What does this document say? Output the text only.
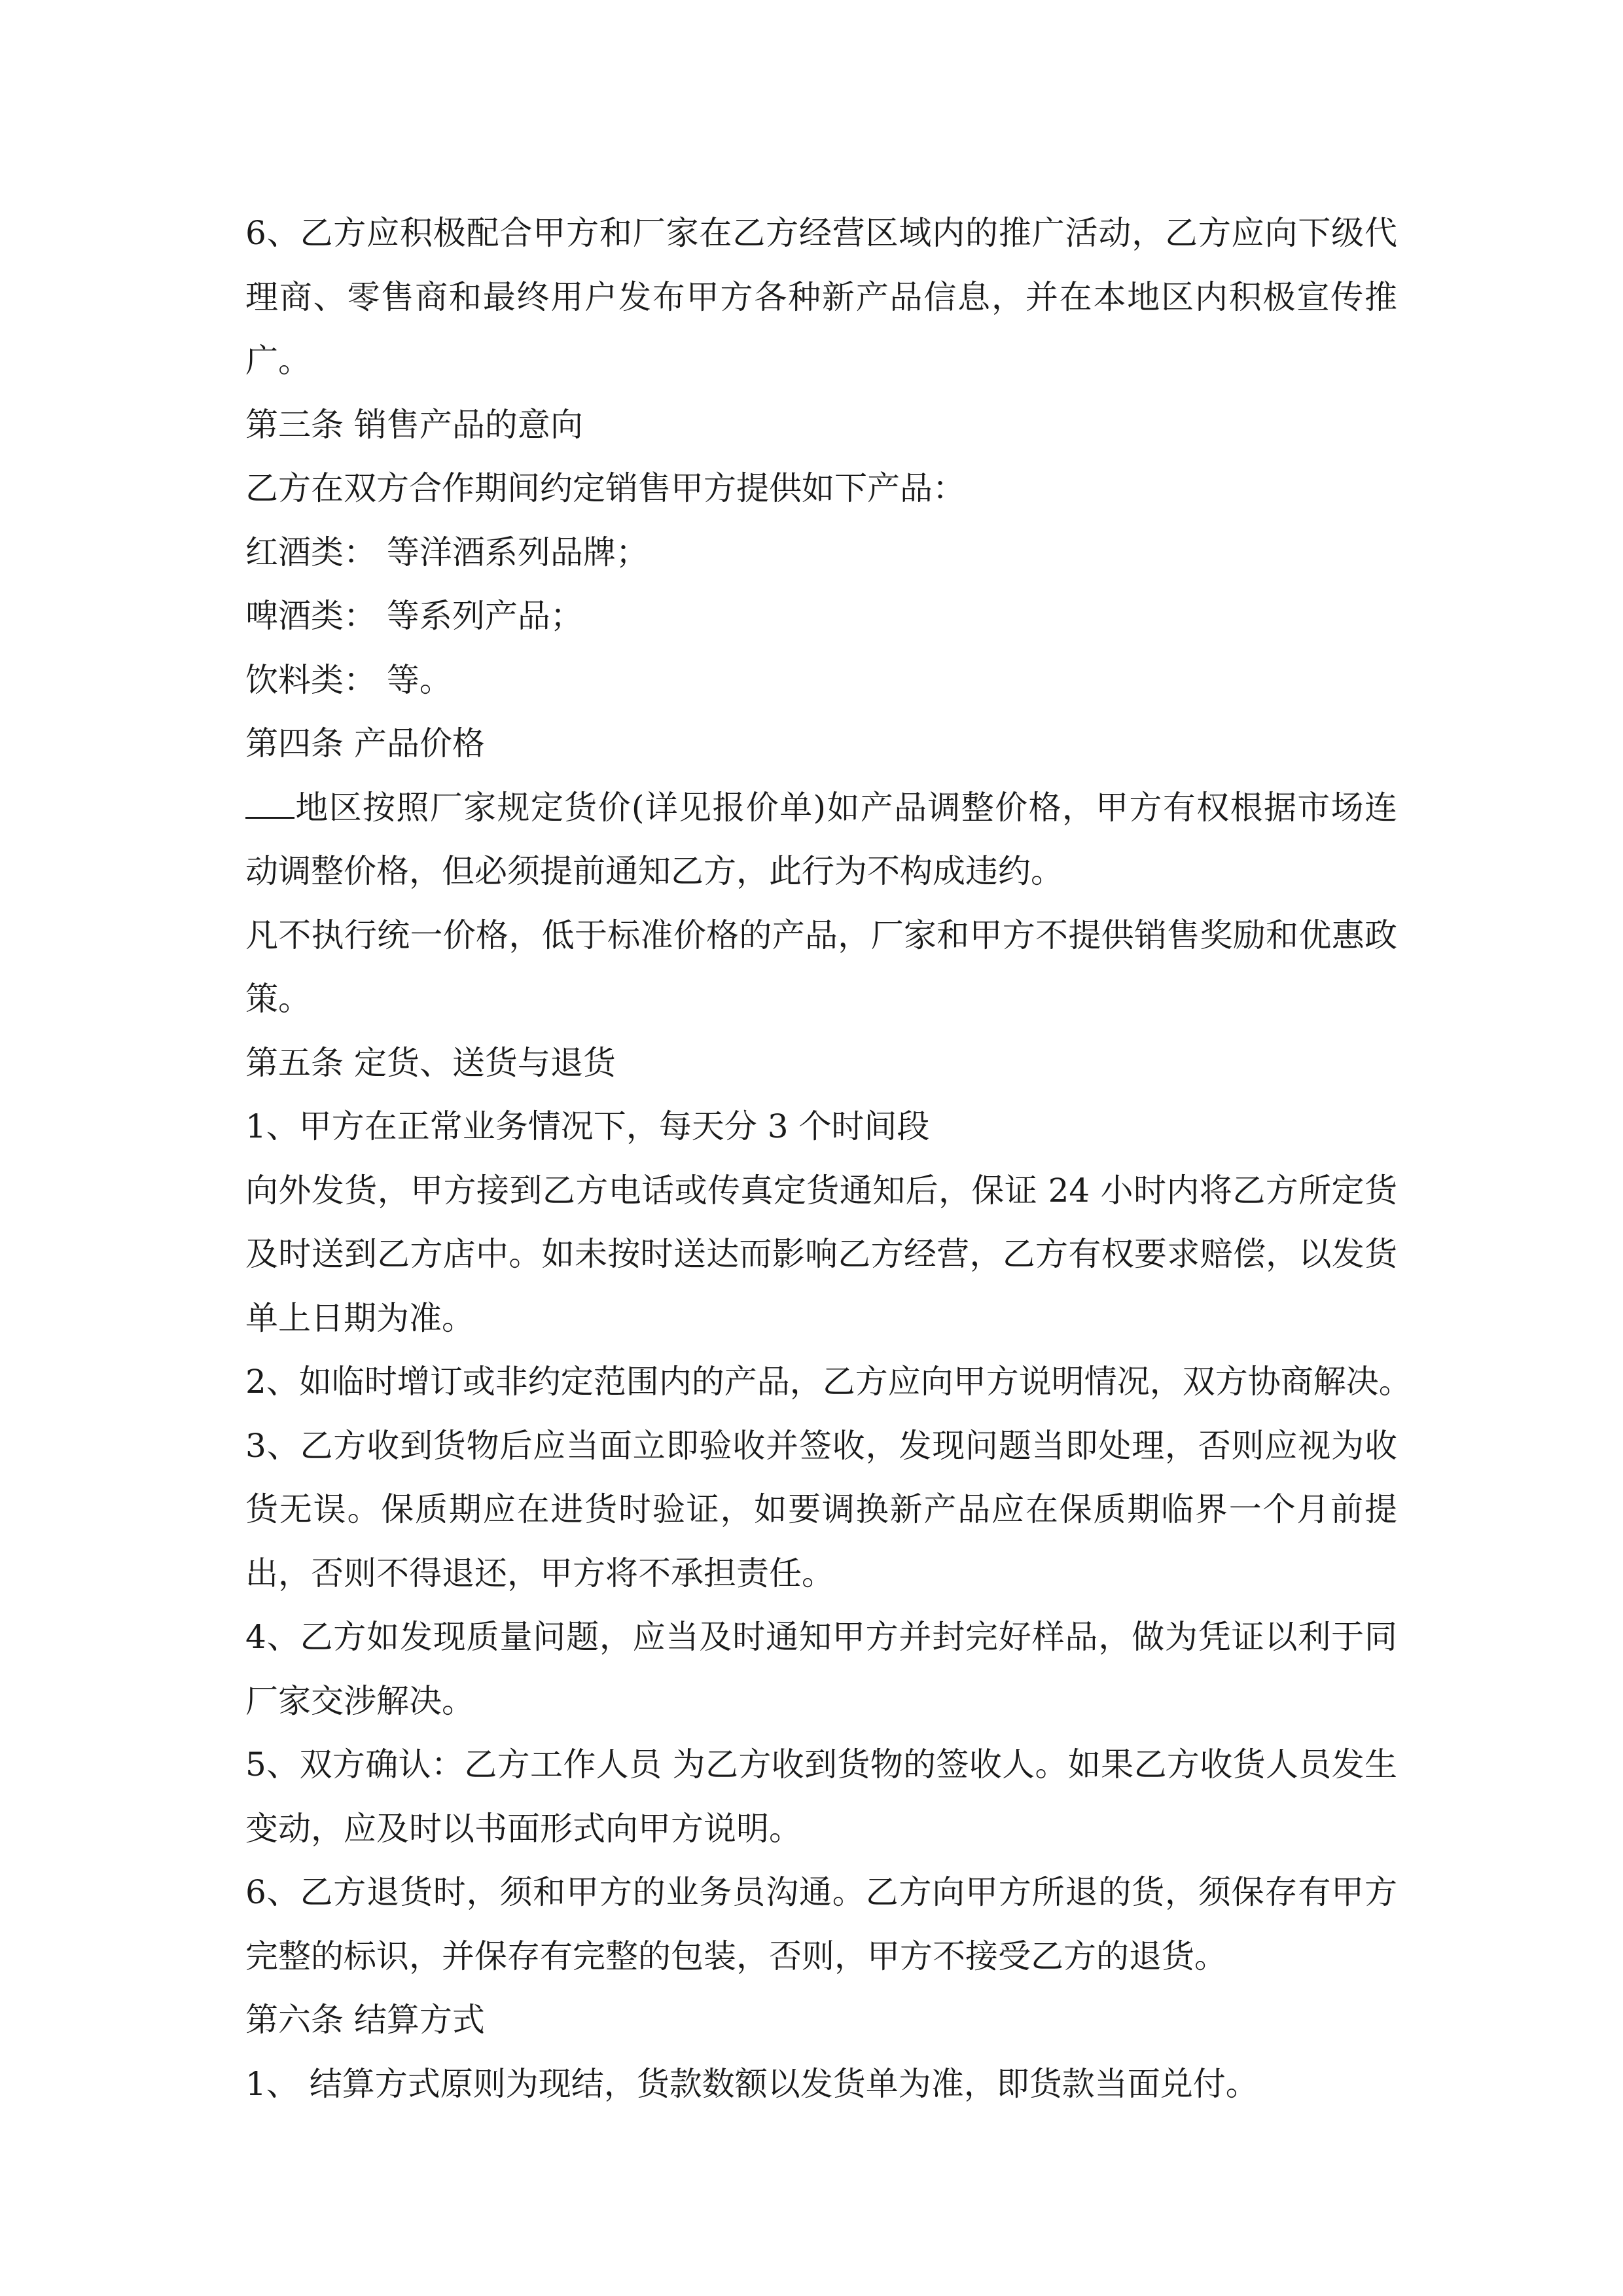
6、乙方应积极配合甲方和厂家在乙方经营区域内的推广活动，乙方应向下级代理商、零售商和最终用户发布甲方各种新产品信息，并在本地区内积极宣传推广。

第三条 销售产品的意向

乙方在双方合作期间约定销售甲方提供如下产品：

红酒类： 等洋酒系列品牌；

啤酒类： 等系列产品；

饮料类： 等。

第四条 产品价格

地区按照厂家规定货价(详见报价单)如产品调整价格，甲方有权根据市场连动调整价格，但必须提前通知乙方，此行为不构成违约。

凡不执行统一价格，低于标准价格的产品，厂家和甲方不提供销售奖励和优惠政策。

第五条 定货、送货与退货

1、甲方在正常业务情况下，每天分 3 个时间段

向外发货，甲方接到乙方电话或传真定货通知后，保证 24 小时内将乙方所定货及时送到乙方店中。如未按时送达而影响乙方经营，乙方有权要求赔偿，以发货单上日期为准。

2、如临时增订或非约定范围内的产品，乙方应向甲方说明情况，双方协商解决。

3、乙方收到货物后应当面立即验收并签收，发现问题当即处理，否则应视为收货无误。保质期应在进货时验证，如要调换新产品应在保质期临界一个月前提出，否则不得退还，甲方将不承担责任。

4、乙方如发现质量问题，应当及时通知甲方并封完好样品，做为凭证以利于同厂家交涉解决。

5、双方确认：乙方工作人员 为乙方收到货物的签收人。如果乙方收货人员发生变动，应及时以书面形式向甲方说明。

6、乙方退货时，须和甲方的业务员沟通。乙方向甲方所退的货，须保存有甲方完整的标识，并保存有完整的包装，否则，甲方不接受乙方的退货。

第六条 结算方式

1、 结算方式原则为现结，货款数额以发货单为准，即货款当面兑付。
